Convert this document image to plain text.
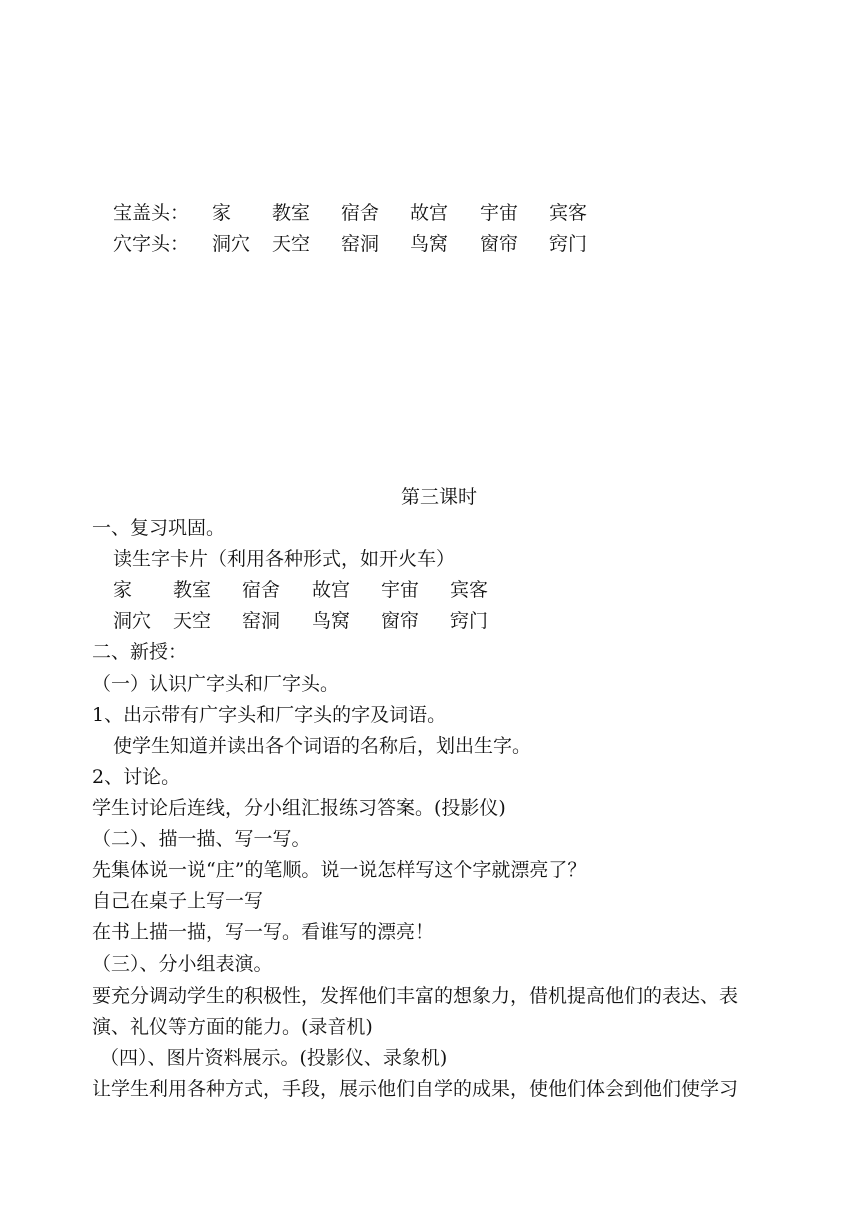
宝盖头： 家 教室 宿舍 故宫 宇宙 宾客
穴字头： 洞穴 天空 窑洞 鸟窝 窗帘 窍门
第三课时
一、复习巩固。
读生字卡片（利用各种形式，如开火车）
家 教室 宿舍 故宫 宇宙 宾客
洞穴 天空 窑洞 鸟窝 窗帘 窍门
二、新授：
（一）认识广字头和厂字头。
1、出示带有广字头和厂字头的字及词语。
使学生知道并读出各个词语的名称后，划出生字。
2、讨论。
学生讨论后连线，分小组汇报练习答案。(投影仪)
（二）、描一描、写一写。
先集体说一说“庄”的笔顺。说一说怎样写这个字就漂亮了？
自己在桌子上写一写
在书上描一描，写一写。看谁写的漂亮！
（三）、分小组表演。
要充分调动学生的积极性，发挥他们丰富的想象力，借机提高他们的表达、表
演、礼仪等方面的能力。(录音机)
（四）、图片资料展示。(投影仪、录象机)
让学生利用各种方式，手段，展示他们自学的成果，使他们体会到他们使学习
